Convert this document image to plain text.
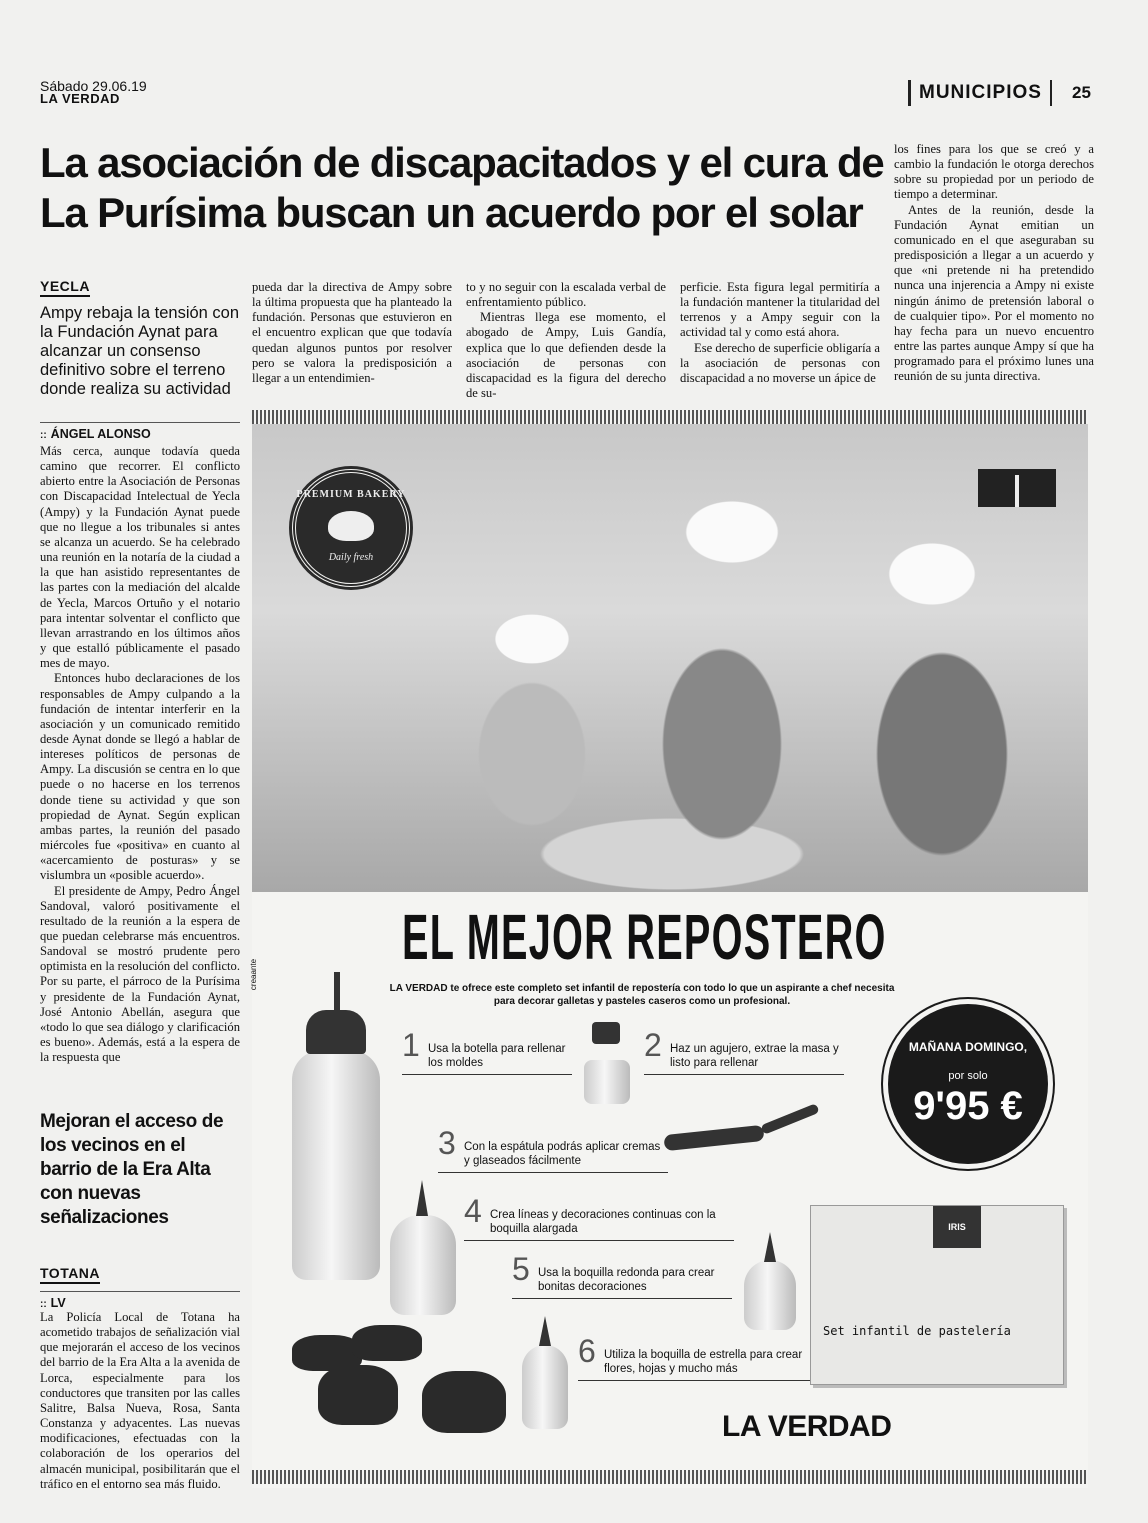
Sábado 29.06.19
LA VERDAD	MUNICIPIOS	25
La asociación de discapacitados y el cura de La Purísima buscan un acuerdo por el solar
YECLA
Ampy rebaja la tensión con la Fundación Aynat para alcanzar un consenso definitivo sobre el terreno donde realiza su actividad
:: ÁNGEL ALONSO

Más cerca, aunque todavía queda camino que recorrer. El conflicto abierto entre la Asociación de Personas con Discapacidad Intelectual de Yecla (Ampy) y la Fundación Aynat puede que no llegue a los tribunales si antes se alcanza un acuerdo. Se ha celebrado una reunión en la notaría de la ciudad a la que han asistido representantes de las partes con la mediación del alcalde de Yecla, Marcos Ortuño y el notario para intentar solventar el conflicto que llevan arrastrando en los últimos años y que estalló públicamente el pasado mes de mayo.

Entonces hubo declaraciones de los responsables de Ampy culpando a la fundación de intentar interferir en la asociación y un comunicado remitido desde Aynat donde se llegó a hablar de intereses políticos de personas de Ampy. La discusión se centra en lo que puede o no hacerse en los terrenos donde tiene su actividad y que son propiedad de Aynat. Según explican ambas partes, la reunión del pasado miércoles fue «positiva» en cuanto al «acercamiento de posturas» y se vislumbra un «posible acuerdo».

El presidente de Ampy, Pedro Ángel Sandoval, valoró positivamente el resultado de la reunión a la espera de que puedan celebrarse más encuentros. Sandoval se mostró prudente pero optimista en la resolución del conflicto. Por su parte, el párroco de la Purísima y presidente de la Fundación Aynat, José Antonio Abellán, asegura que «todo lo que sea diálogo y clarificación es bueno». Además, está a la espera de la respuesta que

pueda dar la directiva de Ampy sobre la última propuesta que ha planteado la fundación. Personas que estuvieron en el encuentro explican que que todavía quedan algunos puntos por resolver pero se valora la predisposición a llegar a un entendimien-

to y no seguir con la escalada verbal de enfrentamiento público.

Mientras llega ese momento, el abogado de Ampy, Luis Gandía, explica que lo que defienden desde la asociación de personas con discapacidad es la figura del derecho de su-

perficie. Esta figura legal permitiría a la fundación mantener la titularidad del terrenos y a Ampy seguir con la actividad tal y como está ahora.

Ese derecho de superficie obligaría a la asociación de personas con discapacidad a no moverse un ápice de

los fines para los que se creó y a cambio la fundación le otorga derechos sobre su propiedad por un periodo de tiempo a determinar.

Antes de la reunión, desde la Fundación Aynat emitian un comunicado en el que aseguraban su predisposición a llegar a un acuerdo y que «ni pretende ni ha pretendido nunca una injerencia a Ampy ni existe ningún ánimo de pretensión laboral o de cualquier tipo». Por el momento no hay fecha para un nuevo encuentro entre las partes aunque Ampy sí que ha programado para el próximo lunes una reunión de su junta directiva.

Mejoran el acceso de los vecinos en el barrio de la Era Alta con nuevas señalizaciones
TOTANA
:: LV

La Policía Local de Totana ha acometido trabajos de señalización vial que mejorarán el acceso de los vecinos del barrio de la Era Alta a la avenida de Lorca, especialmente para los conductores que transiten por las calles Salitre, Balsa Nueva, Rosa, Santa Constanza y adyacentes. Las nuevas modificaciones, efectuadas con la colaboración de los operarios del almacén municipal, posibilitarán que el tráfico en el entorno sea más fluido.

PREMIUM BAKERY
Daily fresh
EL MEJOR REPOSTERO
creaante	LA VERDAD te ofrece este completo set infantil de repostería con todo lo que un aspirante a chef necesita para decorar galletas y pasteles caseros como un profesional.
1 Usa la botella para rellenar los moldes	2 Haz un agujero, extrae la masa y listo para rellenar
3 Con la espátula podrás aplicar cremas y glaseados fácilmente
4 Crea líneas y decoraciones continuas con la boquilla alargada
5 Usa la boquilla redonda para crear bonitas decoraciones
6 Utiliza la boquilla de estrella para crear flores, hojas y mucho más
MAÑANA DOMINGO,
por solo
9'95 €
IRIS
Set infantil de pastelería
LA VERDAD
